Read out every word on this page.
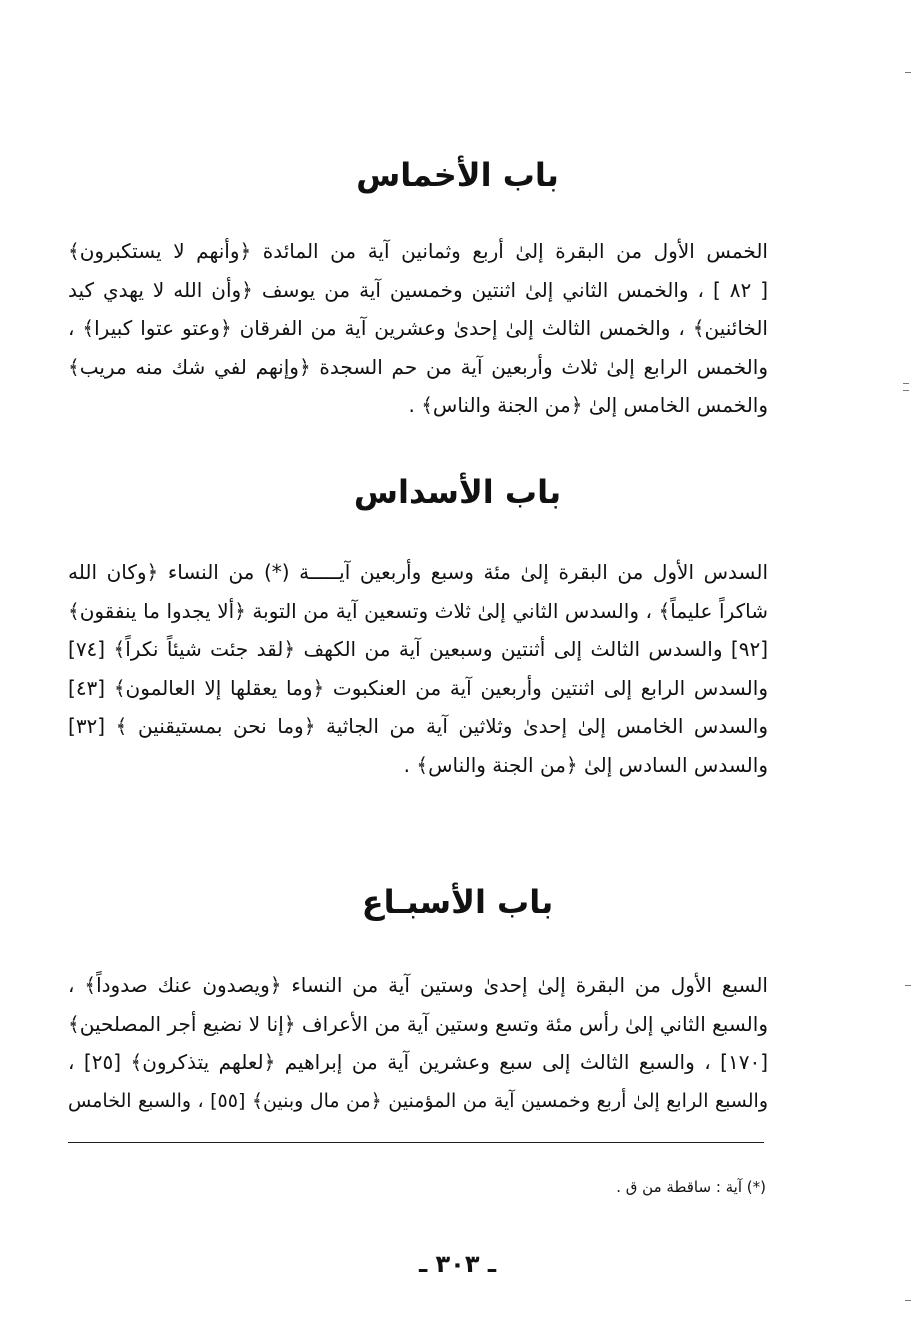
باب الأخماس
الخمس الأول من البقرة إلىٰ أربع وثمانين آية من المائدة ﴿وأنهم لا يستكبرون﴾
[ ٨٢ ] ، والخمس الثاني إلىٰ اثنتين وخمسين آية من يوسف ﴿وأن الله لا يهدي كيد
الخائنين﴾ ، والخمس الثالث إلىٰ إحدىٰ وعشرين آية من الفرقان ﴿وعتو عتوا كبيرا﴾ ،
والخمس الرابع إلىٰ ثلاث وأربعين آية من حم السجدة ﴿وإنهم لفي شك منه مريب﴾
والخمس الخامس إلىٰ ﴿من الجنة والناس﴾ .
باب الأسداس
السدس الأول من البقرة إلىٰ مئة وسبع وأربعين آيـــــة (*) من النساء ﴿وكان الله
شاكراً عليماً﴾ ، والسدس الثاني إلىٰ ثلاث وتسعين آية من التوبة ﴿ألا يجدوا ما ينفقون﴾
[٩٢] والسدس الثالث إلى أثنتين وسبعين آية من الكهف ﴿لقد جئت شيئاً نكراً﴾ [٧٤]
والسدس الرابع إلى اثنتين وأربعين آية من العنكبوت ﴿وما يعقلها إلا العالمون﴾ [٤٣]
والسدس الخامس إلىٰ إحدىٰ وثلاثين آية من الجاثية ﴿وما نحن بمستيقنين ﴾ [٣٢]
والسدس السادس إلىٰ ﴿من الجنة والناس﴾ .
باب الأسبـاع
السبع الأول من البقرة إلىٰ إحدىٰ وستين آية من النساء ﴿ويصدون عنك صدوداً﴾ ،
والسبع الثاني إلىٰ رأس مئة وتسع وستين آية من الأعراف ﴿إنا لا نضيع أجر المصلحين﴾
[١٧٠] ، والسبع الثالث إلى سبع وعشرين آية من إبراهيم ﴿لعلهم يتذكرون﴾ [٢٥] ،
والسبع الرابع إلىٰ أربع وخمسين آية من المؤمنين ﴿من مال وبنين﴾ [٥٥] ، والسبع الخامس
(*) آية : ساقطة من ق .
ـ ٣٠٣ ـ
